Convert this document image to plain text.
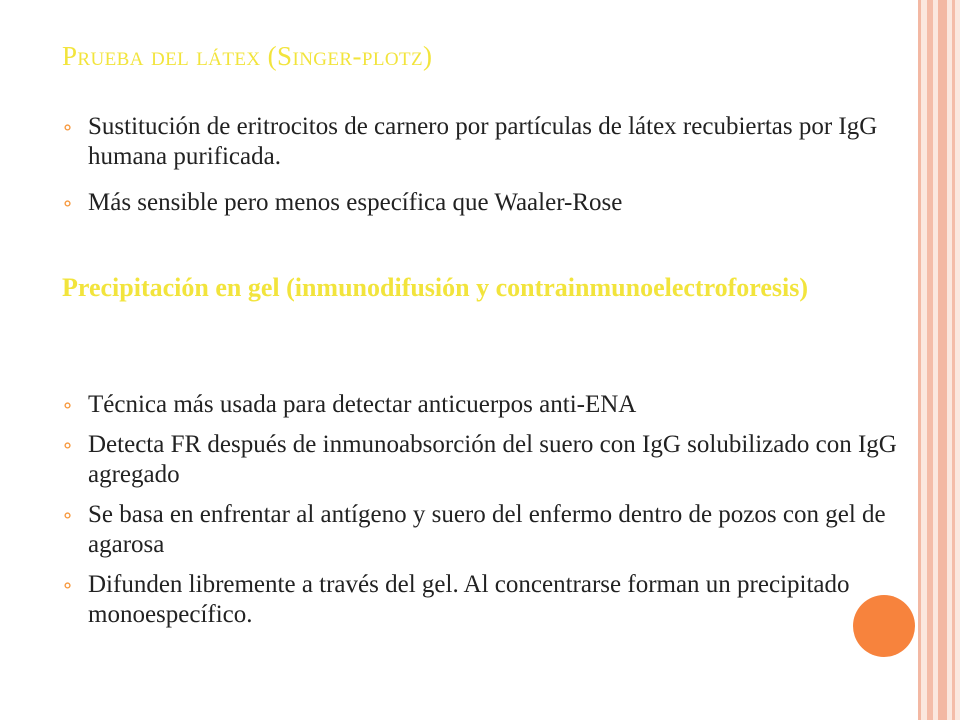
Prueba del látex (Singer-plotz)
⚬ Sustitución de eritrocitos de carnero por partículas de látex recubiertas por IgG humana purificada.
⚬ Más sensible pero menos específica que Waaler-Rose
Precipitación en gel (inmunodifusión y contrainmunoelectroforesis)
⚬ Técnica más usada para detectar anticuerpos anti-ENA
⚬ Detecta FR después de inmunoabsorción del suero con IgG solubilizado con IgG agregado
⚬ Se basa en enfrentar al antígeno y suero del enfermo dentro de pozos con gel de agarosa
⚬ Difunden libremente a través del gel. Al concentrarse forman un precipitado monoespecífico.
